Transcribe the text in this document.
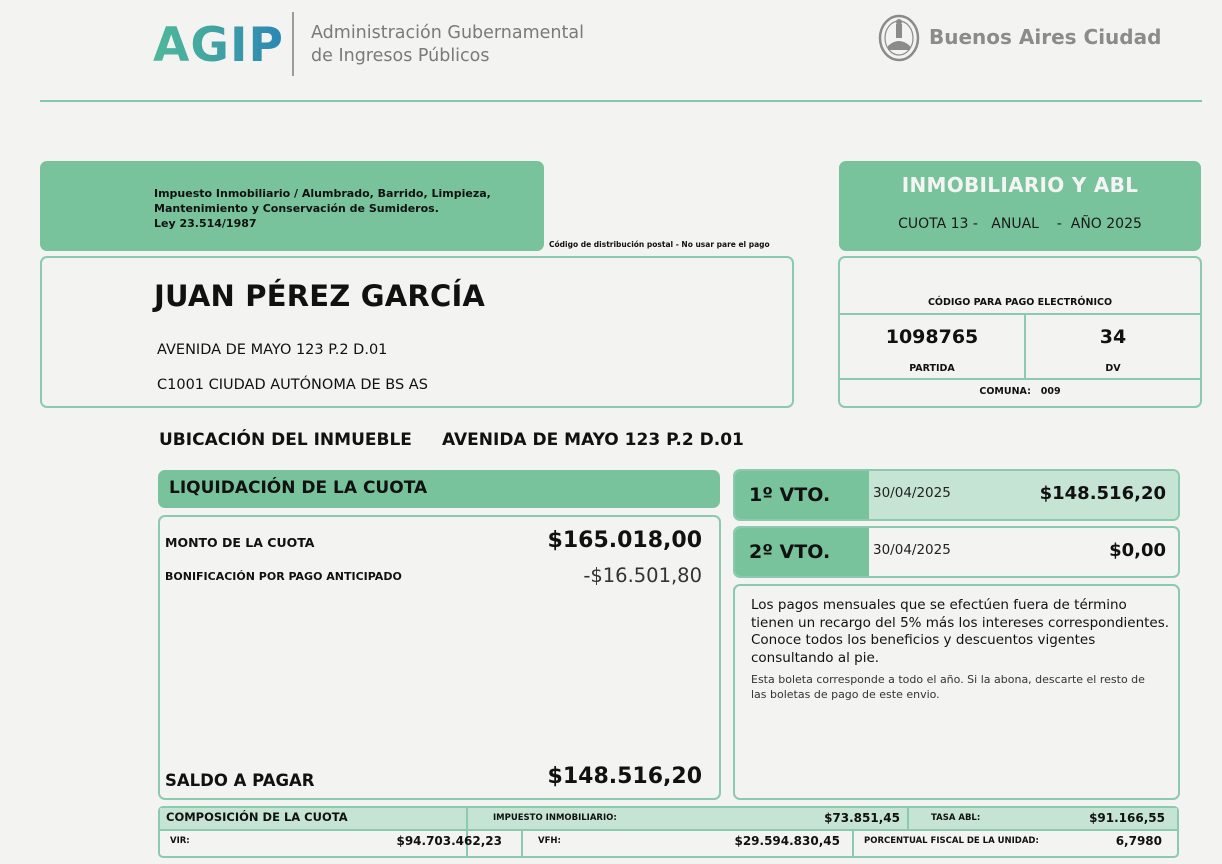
AGIP Administración Gubernamental
de Ingresos Públicos
Buenos Aires Ciudad
Impuesto Inmobiliario / Alumbrado, Barrido, Limpieza,
Mantenimiento y Conservación de Sumideros.
Ley 23.514/1987
Código de distribución postal - No usar pare el pago
INMOBILIARIO Y ABL
CUOTA 13 -   ANUAL    -  AÑO 2025
JUAN PÉREZ GARCÍA
AVENIDA DE MAYO 123 P.2 D.01
C1001 CIUDAD AUTÓNOMA DE BS AS
CÓDIGO PARA PAGO ELECTRÓNICO
1098765
PARTIDA
34
DV
COMUNA:   009
UBICACIÓN DEL INMUEBLE AVENIDA DE MAYO 123 P.2 D.01
LIQUIDACIÓN DE LA CUOTA
MONTO DE LA CUOTA	$165.018,00
BONIFICACIÓN POR PAGO ANTICIPADO	-$16.501,80
SALDO A PAGAR	$148.516,20
1º VTO.	30/04/2025	$148.516,20
2º VTO.	30/04/2025	$0,00
Los pagos mensuales que se efectúen fuera de término tienen un recargo del 5% más los intereses correspondientes. Conoce todos los beneficios y descuentos vigentes consultando al pie.
Esta boleta corresponde a todo el año. Si la abona, descarte el resto de las boletas de pago de este envio.
COMPOSICIÓN DE LA CUOTA	IMPUESTO INMOBILIARIO:	$73.851,45	TASA ABL:	$91.166,55
VIR:	$94.703.462,23	VFH:	$29.594.830,45	PORCENTUAL FISCAL DE LA UNIDAD:	6,7980
